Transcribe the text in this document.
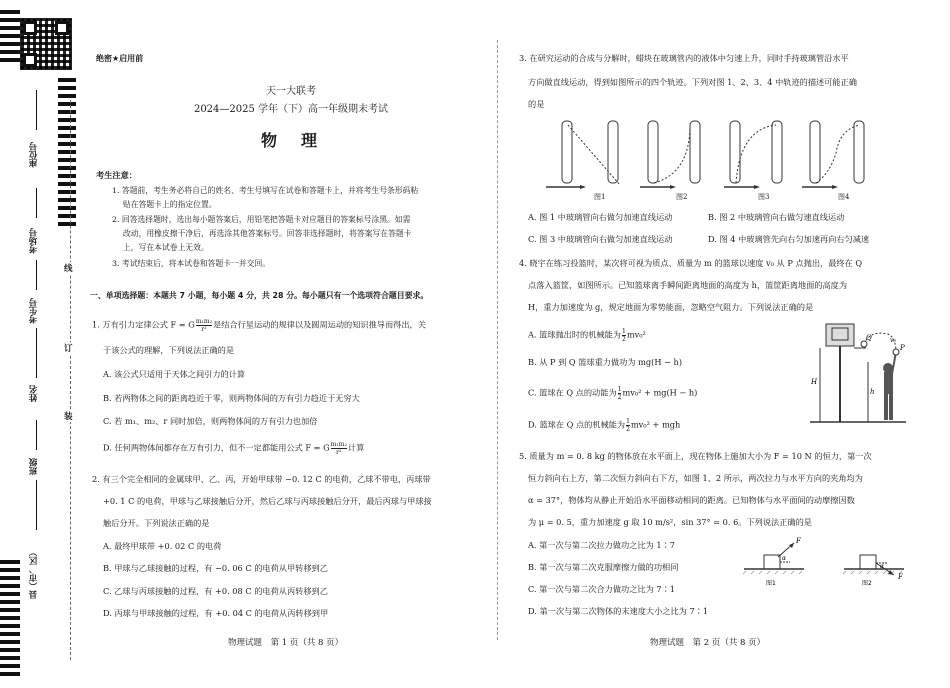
座位号
考场号
考生号
姓名
班级
县（市、区）
线
订
装
绝密★启用前
天一大联考
2024—2025 学年（下）高一年级期末考试
物　理
考生注意：
1. 答题前，考生务必将自己的姓名、考生号填写在试卷和答题卡上，并将考生号条形码粘
贴在答题卡上的指定位置。
2. 回答选择题时，选出每小题答案后，用铅笔把答题卡对应题目的答案标号涂黑。如需
改动，用橡皮擦干净后，再选涂其他答案标号。回答非选择题时，将答案写在答题卡
上，写在本试卷上无效。
3. 考试结束后，将本试卷和答题卡一并交回。
一、单项选择题：本题共 7 小题，每小题 4 分，共 28 分。每小题只有一个选项符合题目要求。
1. 万有引力定律公式 F = G $\frac{\text{m₁m₂}}{\text{r²}}$ 是结合行星运动的规律以及圆周运动的知识推导而得出，关
于该公式的理解，下列说法正确的是
A. 该公式只适用于天体之间引力的计算
B. 若两物体之间的距离趋近于零，则两物体间的万有引力趋近于无穷大
C. 若 m₁、m₂、r 同时加倍，则两物体间的万有引力也加倍
D. 任何两物体间都存在万有引力，但不一定都能用公式 F = G $\frac{\text{m₁m₂}}{\text{r²}}$ 计算
2. 有三个完全相同的金属球甲、乙、丙，开始甲球带 −0. 12 C 的电荷，乙球不带电，丙球带
+0. 1 C 的电荷，甲球与乙球接触后分开，然后乙球与丙球接触后分开，最后丙球与甲球接
触后分开。下列说法正确的是
A. 最终甲球带 +0. 02 C 的电荷
B. 甲球与乙球接触的过程，有 −0. 06 C 的电荷从甲转移到乙
C. 乙球与丙球接触的过程，有 +0. 08 C 的电荷从丙转移到乙
D. 丙球与甲球接触的过程，有 +0. 04 C 的电荷从丙转移到甲
物理试题　第 1 页（共 8 页）
3. 在研究运动的合成与分解时，蜡块在玻璃管内的液体中匀速上升，同时手持玻璃管沿水平
方向做直线运动，得到如图所示的四个轨迹。下列对图 1、2、3、4 中轨迹的描述可能正确
的是
图1	图2	图3	图4
A. 图 1 中玻璃管向右做匀加速直线运动	B. 图 2 中玻璃管向右做匀速直线运动
C. 图 3 中玻璃管向右做匀加速直线运动	D. 图 4 中玻璃管先向右匀加速再向右匀减速
4. 晓宇在练习投篮时，某次将可视为质点、质量为 m 的篮球以速度 v₀ 从 P 点抛出，最终在 Q
点落入篮筐，如图所示。已知篮球离手瞬间距离地面的高度为 h，篮筐距离地面的高度为
H，重力加速度为 g，规定地面为零势能面，忽略空气阻力。下列说法正确的是
A. 篮球抛出时的机械能为 $\frac{1}{2} mv_0^2$
B. 从 P 到 Q 篮球重力做功为 mg(H − h)
C. 篮球在 Q 点的动能为 $\frac{1}{2} mv_0^2 + mg(H - h)$
D. 篮球在 Q 点的机械能为 $\frac{1}{2} mv_0^2$ + mgh
Q
P
v₀
H
h
5. 质量为 m = 0. 8 kg 的物体放在水平面上，现在物体上施加大小为 F = 10 N 的恒力，第一次
恒力斜向右上方，第二次恒力斜向右下方，如图 1、2 所示，两次拉力与水平方向的夹角均为
α = 37°，物体均从静止开始沿水平面移动相同的距离。已知物体与水平面间的动摩擦因数
为 μ = 0. 5，重力加速度 g 取 10 m/s²，sin 37° = 0. 6。下列说法正确的是
A. 第一次与第二次拉力做功之比为 1∶7
B. 第一次与第二次克服摩擦力做的功相同
C. 第一次与第二次合力做功之比为 7∶1
D. 第一次与第二次物体的末速度大小之比为 7∶1
F
F
α
α
图1	图2
物理试题　第 2 页（共 8 页）
